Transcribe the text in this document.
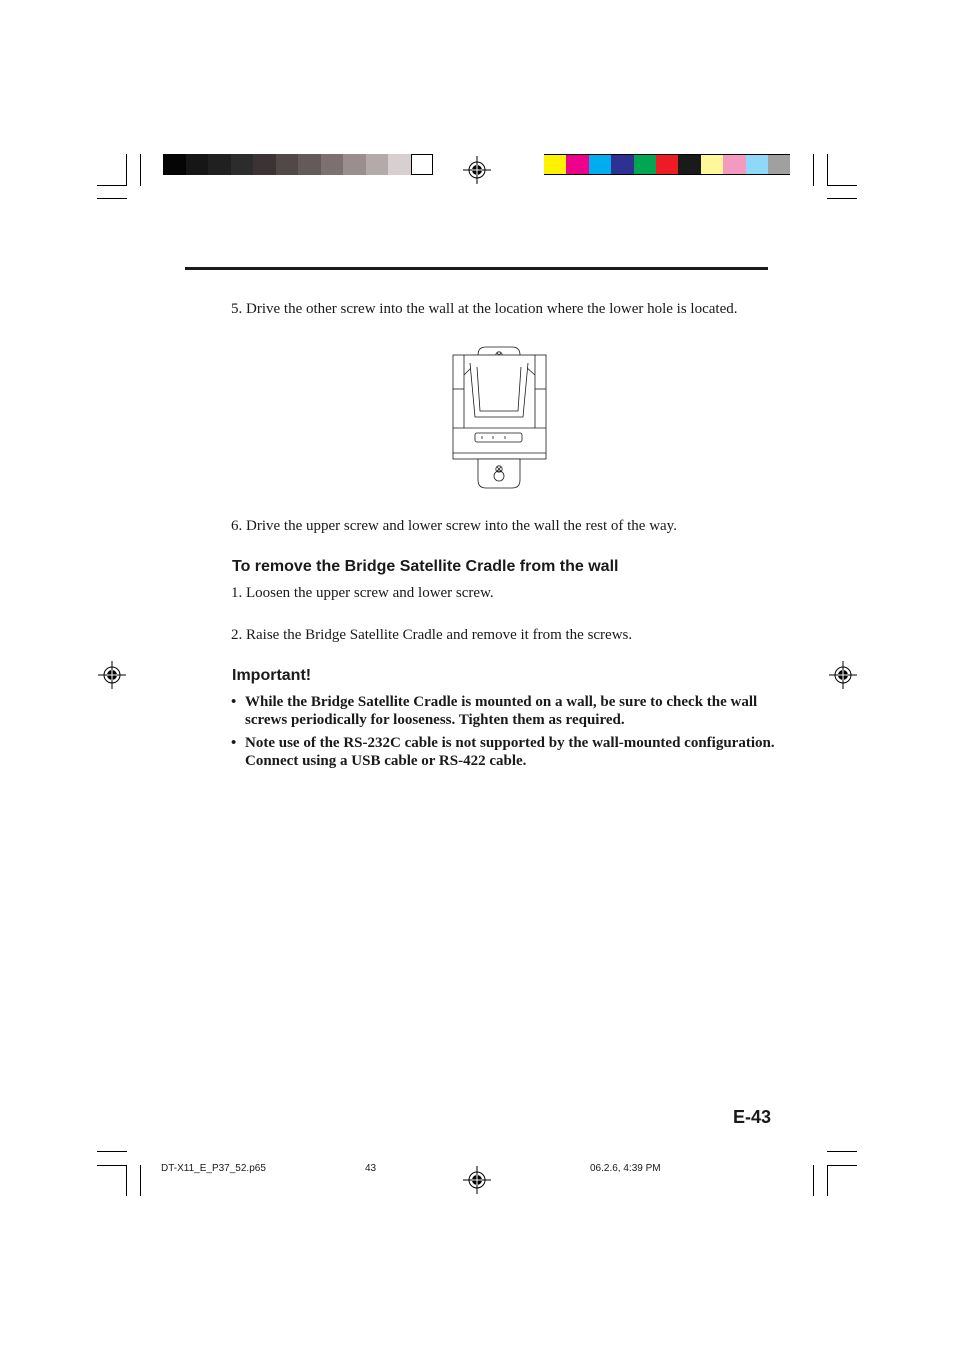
5. Drive the other screw into the wall at the location where the lower hole is located.
6. Drive the upper screw and lower screw into the wall the rest of the way.
To remove the Bridge Satellite Cradle from the wall
1. Loosen the upper screw and lower screw.
2. Raise the Bridge Satellite Cradle and remove it from the screws.
Important!
• While the Bridge Satellite Cradle is mounted on a wall, be sure to check the wall screws periodically for looseness. Tighten them as required.
• Note use of the RS-232C cable is not supported by the wall-mounted configuration. Connect using a USB cable or RS-422 cable.
E-43
DT-X11_E_P37_52.p65	43	06.2.6, 4:39 PM
